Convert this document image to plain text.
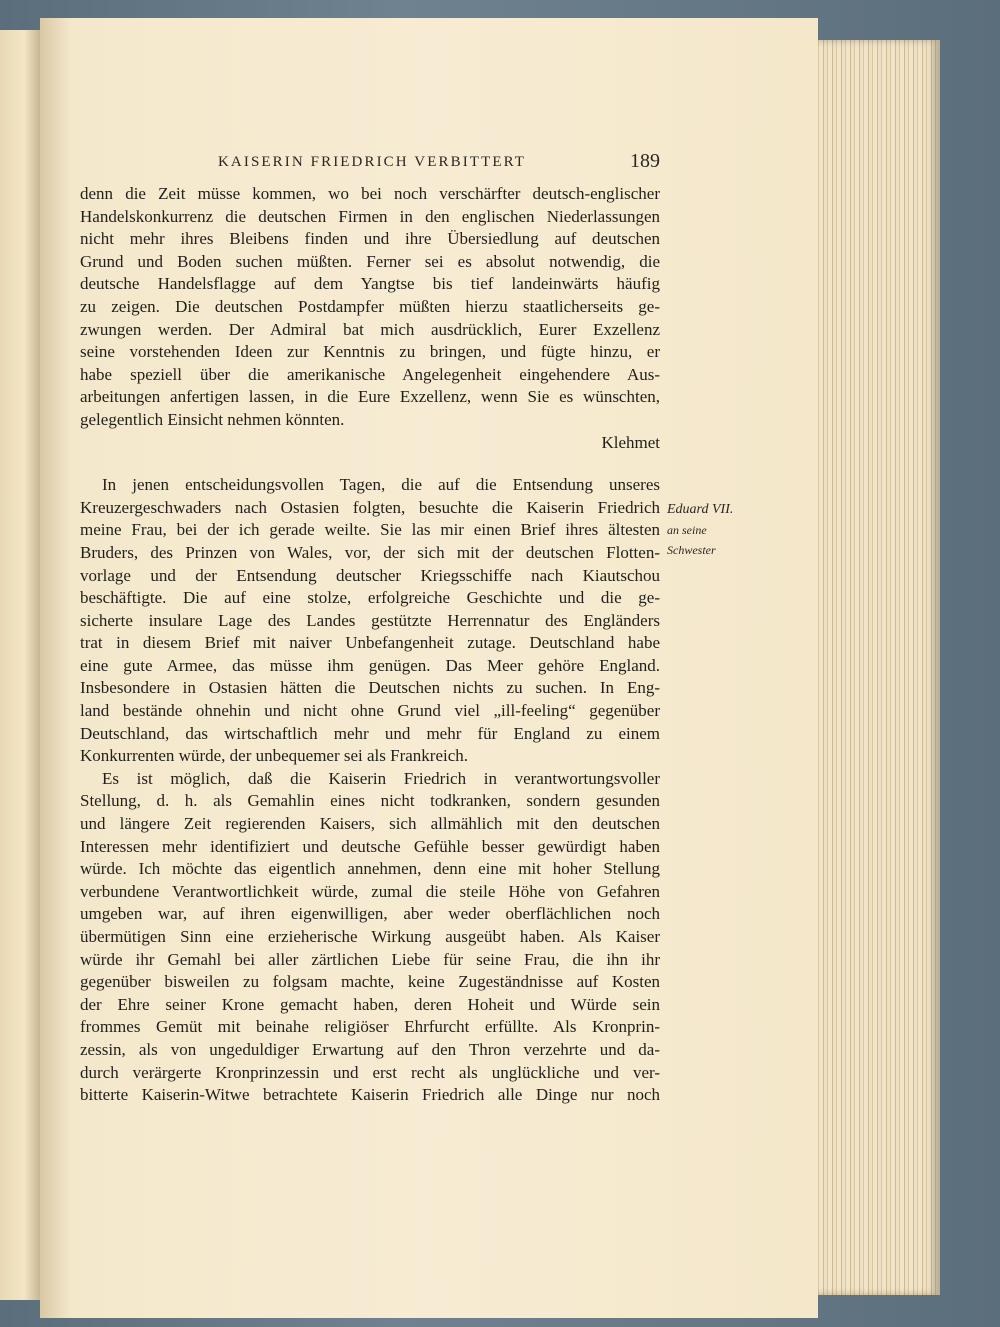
KAISERIN FRIEDRICH VERBITTERT	189
denn die Zeit müsse kommen, wo bei noch verschärfter deutsch-englischer
Handelskonkurrenz die deutschen Firmen in den englischen Niederlassungen
nicht mehr ihres Bleibens finden und ihre Übersiedlung auf deutschen
Grund und Boden suchen müßten. Ferner sei es absolut notwendig, die
deutsche Handelsflagge auf dem Yangtse bis tief landeinwärts häufig
zu zeigen. Die deutschen Postdampfer müßten hierzu staatlicherseits ge-
zwungen werden. Der Admiral bat mich ausdrücklich, Eurer Exzellenz
seine vorstehenden Ideen zur Kenntnis zu bringen, und fügte hinzu, er
habe speziell über die amerikanische Angelegenheit eingehendere Aus-
arbeitungen anfertigen lassen, in die Eure Exzellenz, wenn Sie es wünschten,
gelegentlich Einsicht nehmen könnten.
Klehmet
In jenen entscheidungsvollen Tagen, die auf die Entsendung unseres
Kreuzergeschwaders nach Ostasien folgten, besuchte die Kaiserin Friedrich
meine Frau, bei der ich gerade weilte. Sie las mir einen Brief ihres ältesten
Bruders, des Prinzen von Wales, vor, der sich mit der deutschen Flotten-
vorlage und der Entsendung deutscher Kriegsschiffe nach Kiautschou
beschäftigte. Die auf eine stolze, erfolgreiche Geschichte und die ge-
sicherte insulare Lage des Landes gestützte Herrennatur des Engländers
trat in diesem Brief mit naiver Unbefangenheit zutage. Deutschland habe
eine gute Armee, das müsse ihm genügen. Das Meer gehöre England.
Insbesondere in Ostasien hätten die Deutschen nichts zu suchen. In Eng-
land bestände ohnehin und nicht ohne Grund viel „ill-feeling“ gegenüber
Deutschland, das wirtschaftlich mehr und mehr für England zu einem
Konkurrenten würde, der unbequemer sei als Frankreich.
Es ist möglich, daß die Kaiserin Friedrich in verantwortungsvoller
Stellung, d. h. als Gemahlin eines nicht todkranken, sondern gesunden
und längere Zeit regierenden Kaisers, sich allmählich mit den deutschen
Interessen mehr identifiziert und deutsche Gefühle besser gewürdigt haben
würde. Ich möchte das eigentlich annehmen, denn eine mit hoher Stellung
verbundene Verantwortlichkeit würde, zumal die steile Höhe von Gefahren
umgeben war, auf ihren eigenwilligen, aber weder oberflächlichen noch
übermütigen Sinn eine erzieherische Wirkung ausgeübt haben. Als Kaiser
würde ihr Gemahl bei aller zärtlichen Liebe für seine Frau, die ihn ihr
gegenüber bisweilen zu folgsam machte, keine Zugeständnisse auf Kosten
der Ehre seiner Krone gemacht haben, deren Hoheit und Würde sein
frommes Gemüt mit beinahe religiöser Ehrfurcht erfüllte. Als Kronprin-
zessin, als von ungeduldiger Erwartung auf den Thron verzehrte und da-
durch verärgerte Kronprinzessin und erst recht als unglückliche und ver-
bitterte Kaiserin-Witwe betrachtete Kaiserin Friedrich alle Dinge nur noch
Eduard VII.
an seine
Schwester
